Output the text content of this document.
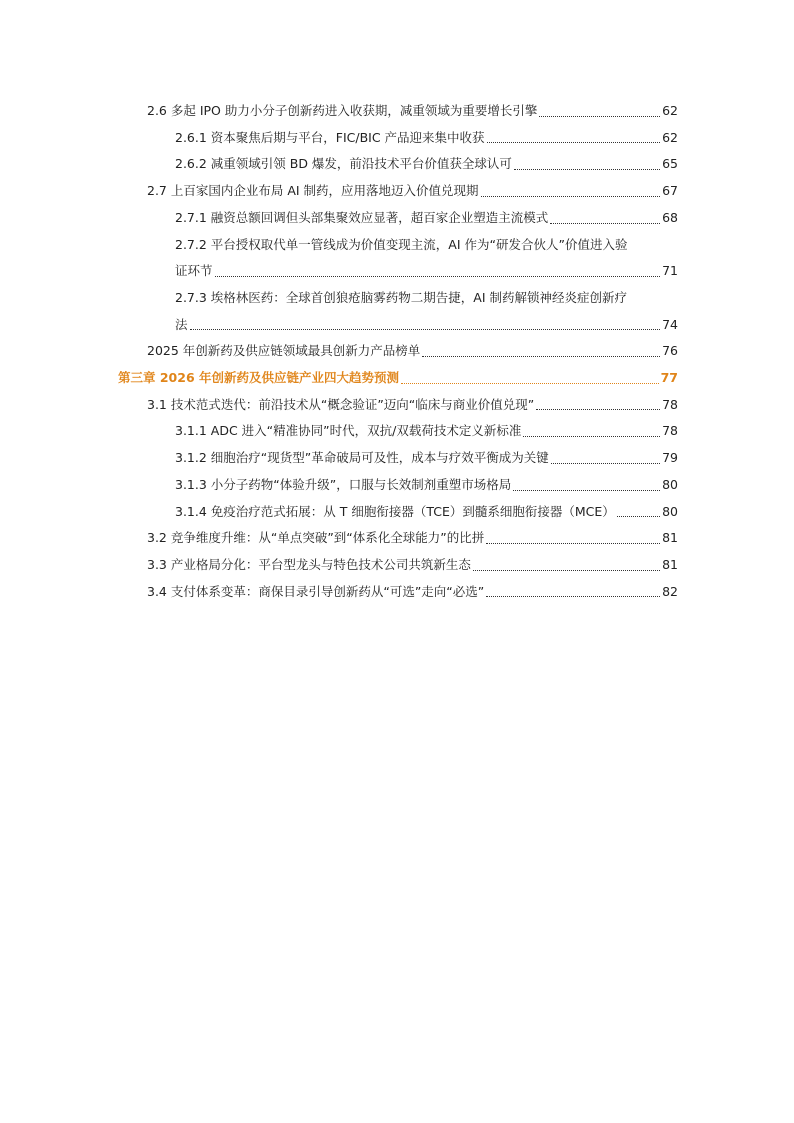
2.6 多起 IPO 助力小分子创新药进入收获期，减重领域为重要增长引擎	62
2.6.1 资本聚焦后期与平台，FIC/BIC 产品迎来集中收获	62
2.6.2 减重领域引领 BD 爆发，前沿技术平台价值获全球认可	65
2.7 上百家国内企业布局 AI 制药，应用落地迈入价值兑现期	67
2.7.1 融资总额回调但头部集聚效应显著，超百家企业塑造主流模式	68
2.7.2 平台授权取代单一管线成为价值变现主流，AI 作为“研发合伙人”价值进入验
证环节	71
2.7.3 埃格林医药：全球首创狼疮脑雾药物二期告捷，AI 制药解锁神经炎症创新疗
法	74
2025 年创新药及供应链领域最具创新力产品榜单	76
第三章 2026 年创新药及供应链产业四大趋势预测	77
3.1 技术范式迭代：前沿技术从“概念验证”迈向“临床与商业价值兑现”	78
3.1.1 ADC 进入“精准协同”时代，双抗/双载荷技术定义新标准	78
3.1.2 细胞治疗“现货型”革命破局可及性，成本与疗效平衡成为关键	79
3.1.3 小分子药物“体验升级”，口服与长效制剂重塑市场格局	80
3.1.4 免疫治疗范式拓展：从 T 细胞衔接器（TCE）到髓系细胞衔接器（MCE）	80
3.2 竞争维度升维：从“单点突破”到“体系化全球能力”的比拼	81
3.3 产业格局分化：平台型龙头与特色技术公司共筑新生态	81
3.4 支付体系变革：商保目录引导创新药从“可选”走向“必选”	82
